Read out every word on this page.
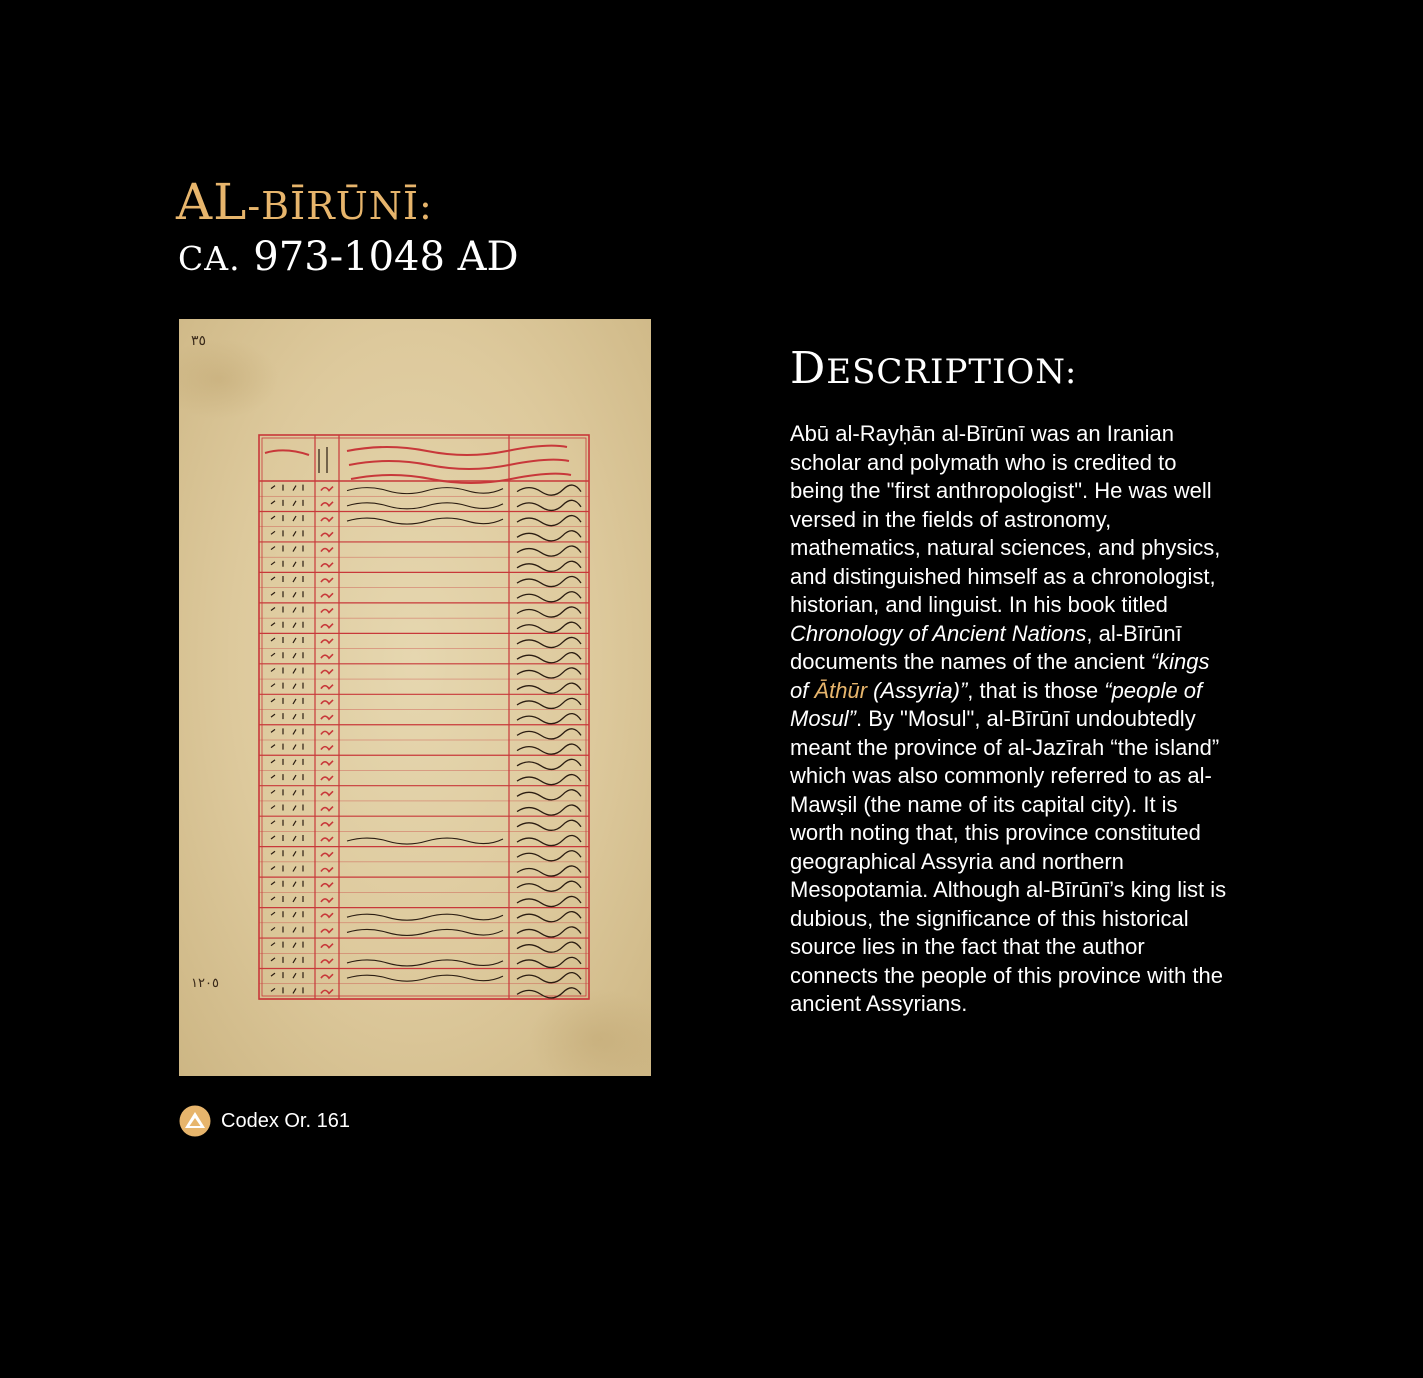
AL-BĪRŪNĪ:
CA. 973-1048 AD
٣٥
١٢٠٥
Codex Or. 161
DESCRIPTION:

Abū al-Rayḥān al-Bīrūnī was an Iranian scholar and polymath who is credited to being the "first anthropologist". He was well versed in the fields of astronomy, mathematics, natural sciences, and physics, and distinguished himself as a chronologist, historian, and linguist. In his book titled Chronology of Ancient Nations, al-Bīrūnī documents the names of the ancient “kings of Āthūr (Assyria)”, that is those “people of Mosul”. By "Mosul", al-Bīrūnī undoubtedly meant the province of al-Jazīrah “the island” which was also commonly referred to as al-Mawṣil (the name of its capital city). It is worth noting that, this province constituted geographical Assyria and northern Mesopotamia. Although al-Bīrūnī’s king list is dubious, the significance of this historical source lies in the fact that the author connects the people of this province with the ancient Assyrians.
